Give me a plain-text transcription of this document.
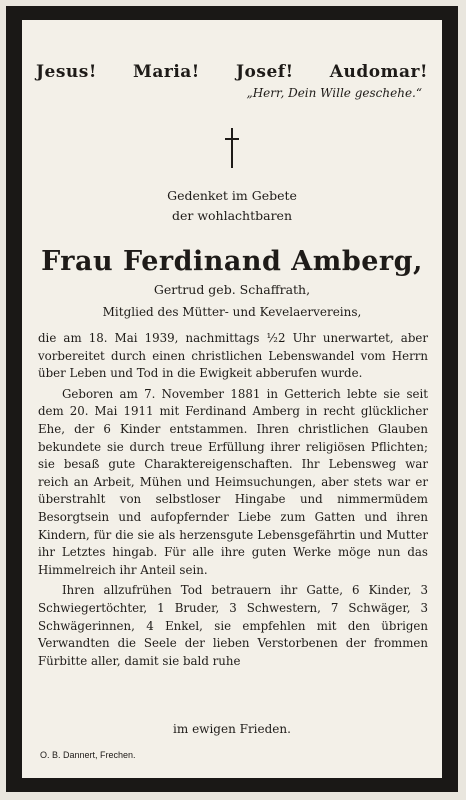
Jesus! Maria! Josef! Audomar!
„Herr, Dein Wille geschehe.“
Gedenket im Gebete
der wohlachtbaren
Frau Ferdinand Amberg,
Gertrud geb. Schaffrath,
Mitglied des Mütter- und Kevelaervereins,

die am 18. Mai 1939, nachmittags ½2 Uhr unerwartet, aber vorbereitet durch einen christlichen Lebenswandel vom Herrn über Leben und Tod in die Ewigkeit abberufen wurde.

Geboren am 7. November 1881 in Getterich lebte sie seit dem 20. Mai 1911 mit Ferdinand Amberg in recht glücklicher Ehe, der 6 Kinder entstammen. Ihren christlichen Glauben bekundete sie durch treue Erfüllung ihrer religiösen Pflichten; sie besaß gute Charaktereigenschaften. Ihr Lebensweg war reich an Arbeit, Mühen und Heimsuchungen, aber stets war er überstrahlt von selbstloser Hingabe und nimmermüdem Besorgtsein und aufopfernder Liebe zum Gatten und ihren Kindern, für die sie als herzensgute Lebensgefährtin und Mutter ihr Letztes hingab. Für alle ihre guten Werke möge nun das Himmelreich ihr Anteil sein.

Ihren allzufrühen Tod betrauern ihr Gatte, 6 Kinder, 3 Schwiegertöchter, 1 Bruder, 3 Schwestern, 7 Schwäger, 3 Schwägerinnen, 4 Enkel, sie empfehlen mit den übrigen Verwandten die Seele der lieben Verstorbenen der frommen Fürbitte aller, damit sie bald ruhe

im ewigen Frieden.
O. B. Dannert, Frechen.
